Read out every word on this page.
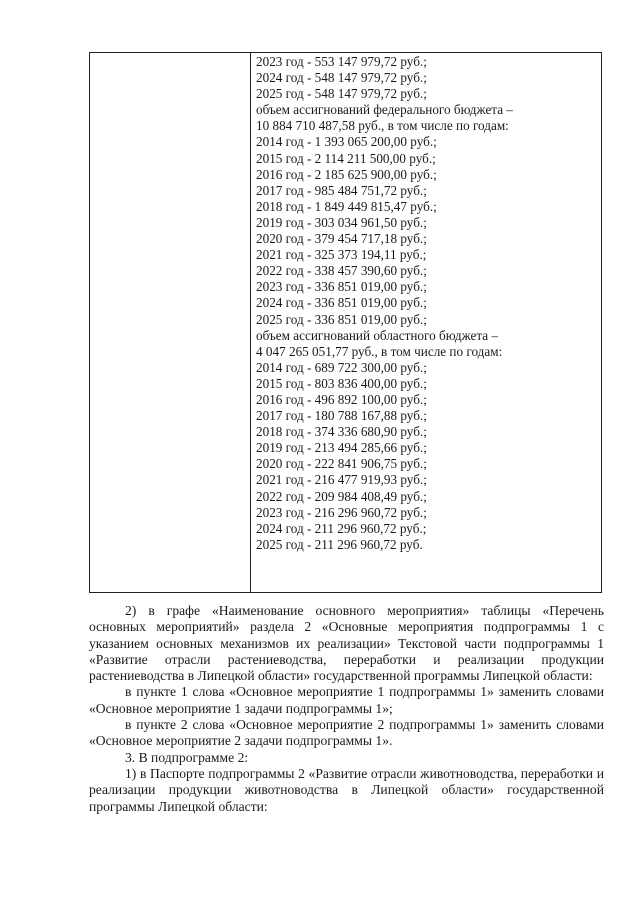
2023 год - 553 147 979,72 руб.;
2024 год - 548 147 979,72 руб.;
2025 год - 548 147 979,72 руб.;
объем ассигнований федерального бюджета –
10 884 710 487,58 руб., в том числе по годам:
2014 год - 1 393 065 200,00 руб.;
2015 год - 2 114 211 500,00 руб.;
2016 год - 2 185 625 900,00 руб.;
2017 год - 985 484 751,72 руб.;
2018 год - 1 849 449 815,47 руб.;
2019 год - 303 034 961,50 руб.;
2020 год - 379 454 717,18 руб.;
2021 год - 325 373 194,11 руб.;
2022 год - 338 457 390,60 руб.;
2023 год - 336 851 019,00 руб.;
2024 год - 336 851 019,00 руб.;
2025 год - 336 851 019,00 руб.;
объем ассигнований областного бюджета –
4 047 265 051,77 руб., в том числе по годам:
2014 год - 689 722 300,00 руб.;
2015 год - 803 836 400,00 руб.;
2016 год - 496 892 100,00 руб.;
2017 год - 180 788 167,88 руб.;
2018 год - 374 336 680,90 руб.;
2019 год - 213 494 285,66 руб.;
2020 год - 222 841 906,75 руб.;
2021 год - 216 477 919,93 руб.;
2022 год - 209 984 408,49 руб.;
2023 год - 216 296 960,72 руб.;
2024 год - 211 296 960,72 руб.;
2025 год - 211 296 960,72 руб.

2) в графе «Наименование основного мероприятия» таблицы «Перечень основных мероприятий» раздела 2 «Основные мероприятия подпрограммы 1 с указанием основных механизмов их реализации» Текстовой части подпрограммы 1 «Развитие отрасли растениеводства, переработки и реализации продукции растениеводства в Липецкой области» государственной программы Липецкой области:

в пункте 1 слова «Основное мероприятие 1 подпрограммы 1» заменить словами «Основное мероприятие 1 задачи подпрограммы 1»;

в пункте 2 слова «Основное мероприятие 2 подпрограммы 1» заменить словами «Основное мероприятие 2 задачи подпрограммы 1».

3. В подпрограмме 2:

1) в Паспорте подпрограммы 2 «Развитие отрасли животноводства, переработки и реализации продукции животноводства в Липецкой области» государственной программы Липецкой области:
